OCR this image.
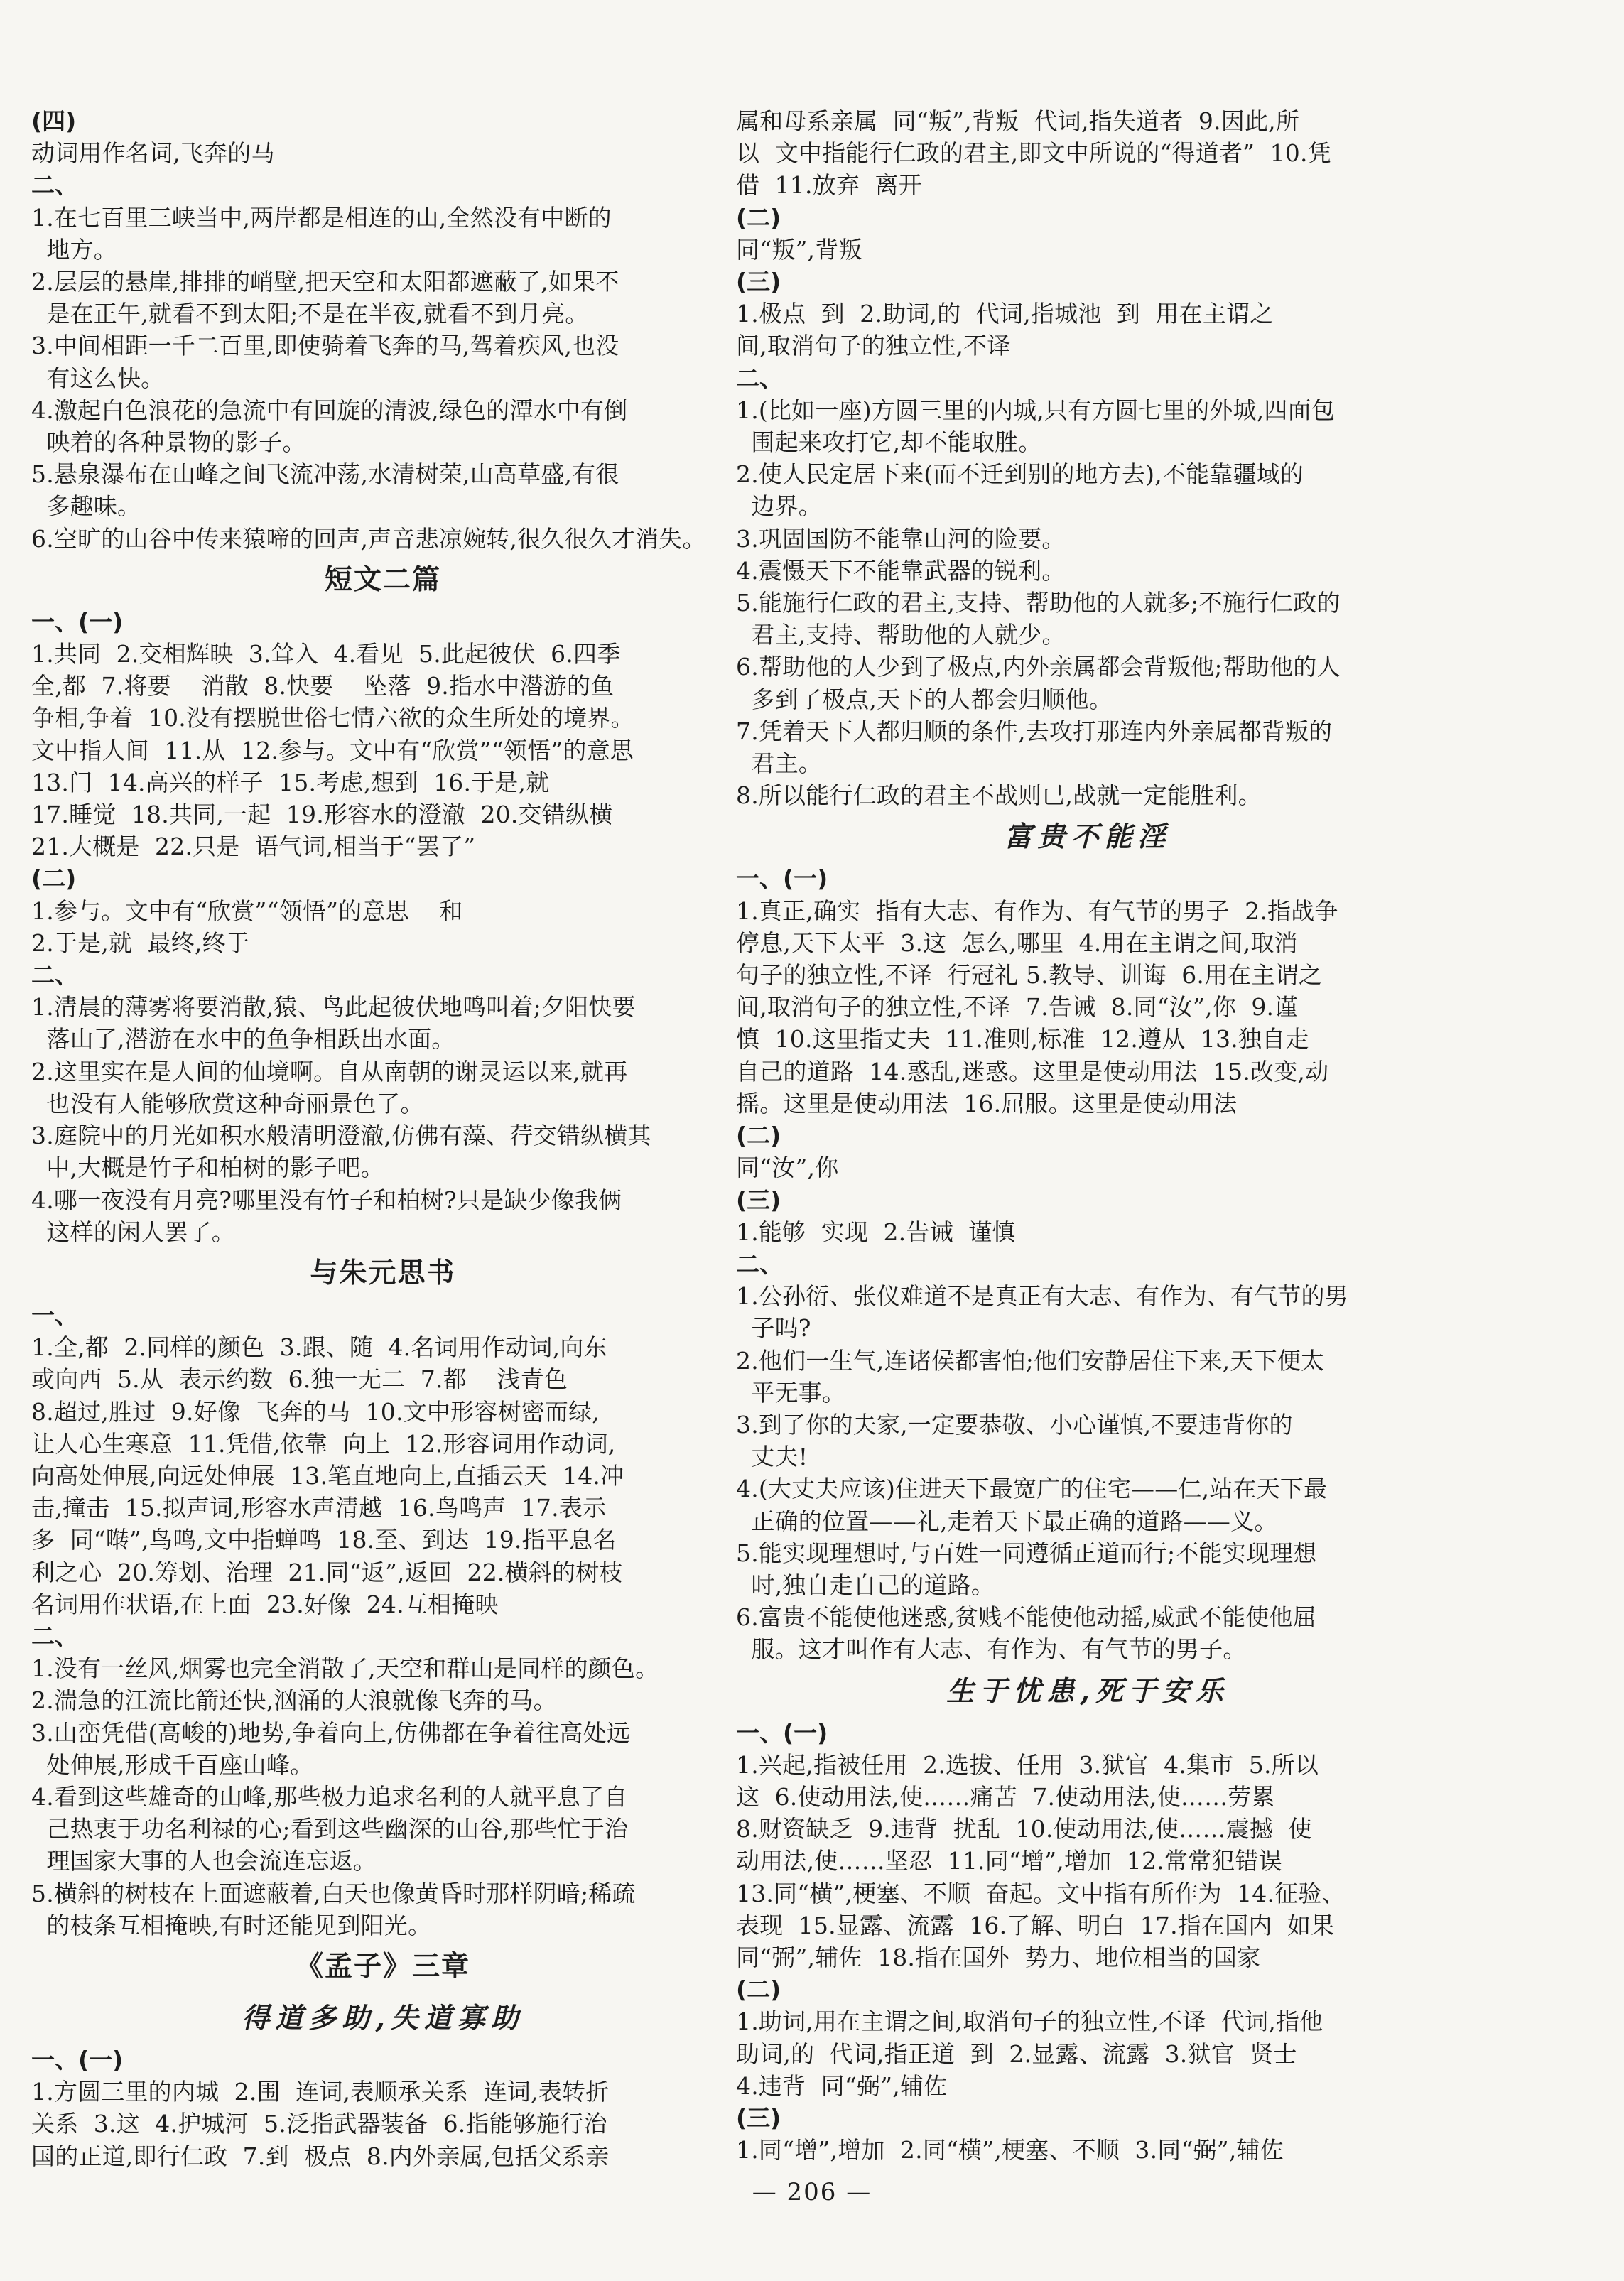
(四)
动词用作名词,飞奔的马
二、
1.在七百里三峡当中,两岸都是相连的山,全然没有中断的
地方。
2.层层的悬崖,排排的峭壁,把天空和太阳都遮蔽了,如果不
是在正午,就看不到太阳;不是在半夜,就看不到月亮。
3.中间相距一千二百里,即使骑着飞奔的马,驾着疾风,也没
有这么快。
4.激起白色浪花的急流中有回旋的清波,绿色的潭水中有倒
映着的各种景物的影子。
5.悬泉瀑布在山峰之间飞流冲荡,水清树荣,山高草盛,有很
多趣味。
6.空旷的山谷中传来猿啼的回声,声音悲凉婉转,很久很久才消失。
短文二篇
一、(一)
1.共同  2.交相辉映  3.耸入  4.看见  5.此起彼伏  6.四季
全,都  7.将要    消散  8.快要    坠落  9.指水中潜游的鱼
争相,争着  10.没有摆脱世俗七情六欲的众生所处的境界。
文中指人间  11.从  12.参与。文中有“欣赏”“领悟”的意思
13.门  14.高兴的样子  15.考虑,想到  16.于是,就
17.睡觉  18.共同,一起  19.形容水的澄澈  20.交错纵横
21.大概是  22.只是  语气词,相当于“罢了”
(二)
1.参与。文中有“欣赏”“领悟”的意思    和
2.于是,就  最终,终于
二、
1.清晨的薄雾将要消散,猿、鸟此起彼伏地鸣叫着;夕阳快要
落山了,潜游在水中的鱼争相跃出水面。
2.这里实在是人间的仙境啊。自从南朝的谢灵运以来,就再
也没有人能够欣赏这种奇丽景色了。
3.庭院中的月光如积水般清明澄澈,仿佛有藻、荇交错纵横其
中,大概是竹子和柏树的影子吧。
4.哪一夜没有月亮?哪里没有竹子和柏树?只是缺少像我俩
这样的闲人罢了。
与朱元思书
一、
1.全,都  2.同样的颜色  3.跟、随  4.名词用作动词,向东
或向西  5.从  表示约数  6.独一无二  7.都    浅青色
8.超过,胜过  9.好像  飞奔的马  10.文中形容树密而绿,
让人心生寒意  11.凭借,依靠  向上  12.形容词用作动词,
向高处伸展,向远处伸展  13.笔直地向上,直插云天  14.冲
击,撞击  15.拟声词,形容水声清越  16.鸟鸣声  17.表示
多  同“啭”,鸟鸣,文中指蝉鸣  18.至、到达  19.指平息名
利之心  20.筹划、治理  21.同“返”,返回  22.横斜的树枝
名词用作状语,在上面  23.好像  24.互相掩映
二、
1.没有一丝风,烟雾也完全消散了,天空和群山是同样的颜色。
2.湍急的江流比箭还快,汹涌的大浪就像飞奔的马。
3.山峦凭借(高峻的)地势,争着向上,仿佛都在争着往高处远
处伸展,形成千百座山峰。
4.看到这些雄奇的山峰,那些极力追求名利的人就平息了自
己热衷于功名利禄的心;看到这些幽深的山谷,那些忙于治
理国家大事的人也会流连忘返。
5.横斜的树枝在上面遮蔽着,白天也像黄昏时那样阴暗;稀疏
的枝条互相掩映,有时还能见到阳光。
《孟子》三章
得道多助,失道寡助
一、(一)
1.方圆三里的内城  2.围  连词,表顺承关系  连词,表转折
关系  3.这  4.护城河  5.泛指武器装备  6.指能够施行治
国的正道,即行仁政  7.到  极点  8.内外亲属,包括父系亲
属和母系亲属  同“叛”,背叛  代词,指失道者  9.因此,所
以  文中指能行仁政的君主,即文中所说的“得道者”  10.凭
借  11.放弃  离开
(二)
同“叛”,背叛
(三)
1.极点  到  2.助词,的  代词,指城池  到  用在主谓之
间,取消句子的独立性,不译
二、
1.(比如一座)方圆三里的内城,只有方圆七里的外城,四面包
围起来攻打它,却不能取胜。
2.使人民定居下来(而不迁到别的地方去),不能靠疆域的
边界。
3.巩固国防不能靠山河的险要。
4.震慑天下不能靠武器的锐利。
5.能施行仁政的君主,支持、帮助他的人就多;不施行仁政的
君主,支持、帮助他的人就少。
6.帮助他的人少到了极点,内外亲属都会背叛他;帮助他的人
多到了极点,天下的人都会归顺他。
7.凭着天下人都归顺的条件,去攻打那连内外亲属都背叛的
君主。
8.所以能行仁政的君主不战则已,战就一定能胜利。
富贵不能淫
一、(一)
1.真正,确实  指有大志、有作为、有气节的男子  2.指战争
停息,天下太平  3.这  怎么,哪里  4.用在主谓之间,取消
句子的独立性,不译  行冠礼 5.教导、训诲  6.用在主谓之
间,取消句子的独立性,不译  7.告诫  8.同“汝”,你  9.谨
慎  10.这里指丈夫  11.准则,标准  12.遵从  13.独自走
自己的道路  14.惑乱,迷惑。这里是使动用法  15.改变,动
摇。这里是使动用法  16.屈服。这里是使动用法
(二)
同“汝”,你
(三)
1.能够  实现  2.告诫  谨慎
二、
1.公孙衍、张仪难道不是真正有大志、有作为、有气节的男
子吗?
2.他们一生气,连诸侯都害怕;他们安静居住下来,天下便太
平无事。
3.到了你的夫家,一定要恭敬、小心谨慎,不要违背你的
丈夫!
4.(大丈夫应该)住进天下最宽广的住宅——仁,站在天下最
正确的位置——礼,走着天下最正确的道路——义。
5.能实现理想时,与百姓一同遵循正道而行;不能实现理想
时,独自走自己的道路。
6.富贵不能使他迷惑,贫贱不能使他动摇,威武不能使他屈
服。这才叫作有大志、有作为、有气节的男子。
生于忧患,死于安乐
一、(一)
1.兴起,指被任用  2.选拔、任用  3.狱官  4.集市  5.所以
这  6.使动用法,使……痛苦  7.使动用法,使……劳累
8.财资缺乏  9.违背  扰乱  10.使动用法,使……震撼  使
动用法,使……坚忍  11.同“增”,增加  12.常常犯错误
13.同“横”,梗塞、不顺  奋起。文中指有所作为  14.征验、
表现  15.显露、流露  16.了解、明白  17.指在国内  如果
同“弼”,辅佐  18.指在国外  势力、地位相当的国家
(二)
1.助词,用在主谓之间,取消句子的独立性,不译  代词,指他
助词,的  代词,指正道  到  2.显露、流露  3.狱官  贤士
4.违背  同“弼”,辅佐
(三)
1.同“增”,增加  2.同“横”,梗塞、不顺  3.同“弼”,辅佐
— 206 —
